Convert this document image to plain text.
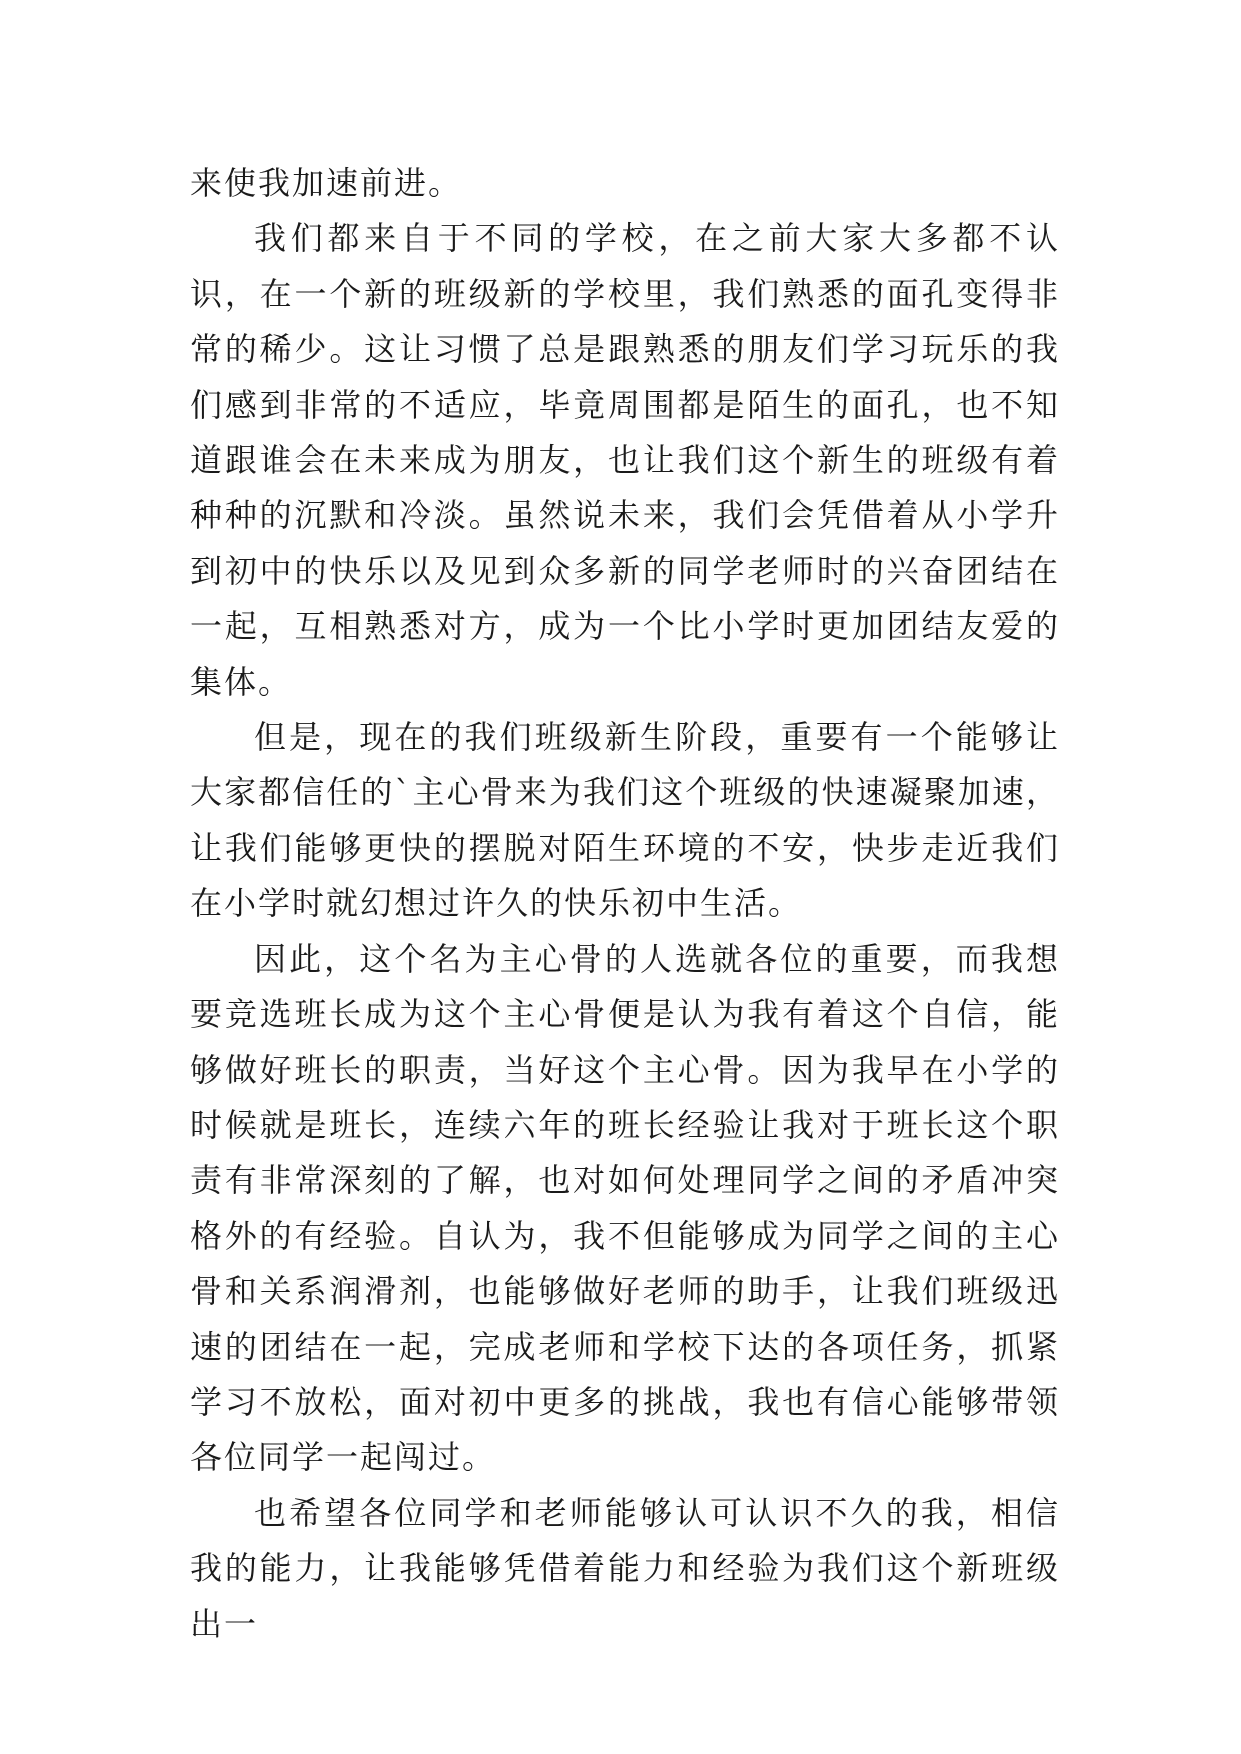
来使我加速前进。

我们都来自于不同的学校，在之前大家大多都不认识，在一个新的班级新的学校里，我们熟悉的面孔变得非常的稀少。这让习惯了总是跟熟悉的朋友们学习玩乐的我们感到非常的不适应，毕竟周围都是陌生的面孔，也不知道跟谁会在未来成为朋友，也让我们这个新生的班级有着种种的沉默和冷淡。虽然说未来，我们会凭借着从小学升到初中的快乐以及见到众多新的同学老师时的兴奋团结在一起，互相熟悉对方，成为一个比小学时更加团结友爱的集体。

但是，现在的我们班级新生阶段，重要有一个能够让大家都信任的`主心骨来为我们这个班级的快速凝聚加速，让我们能够更快的摆脱对陌生环境的不安，快步走近我们在小学时就幻想过许久的快乐初中生活。

因此，这个名为主心骨的人选就各位的重要，而我想要竞选班长成为这个主心骨便是认为我有着这个自信，能够做好班长的职责，当好这个主心骨。因为我早在小学的时候就是班长，连续六年的班长经验让我对于班长这个职责有非常深刻的了解，也对如何处理同学之间的矛盾冲突格外的有经验。自认为，我不但能够成为同学之间的主心骨和关系润滑剂，也能够做好老师的助手，让我们班级迅速的团结在一起，完成老师和学校下达的各项任务，抓紧学习不放松，面对初中更多的挑战，我也有信心能够带领各位同学一起闯过。

也希望各位同学和老师能够认可认识不久的我，相信我的能力，让我能够凭借着能力和经验为我们这个新班级出一
